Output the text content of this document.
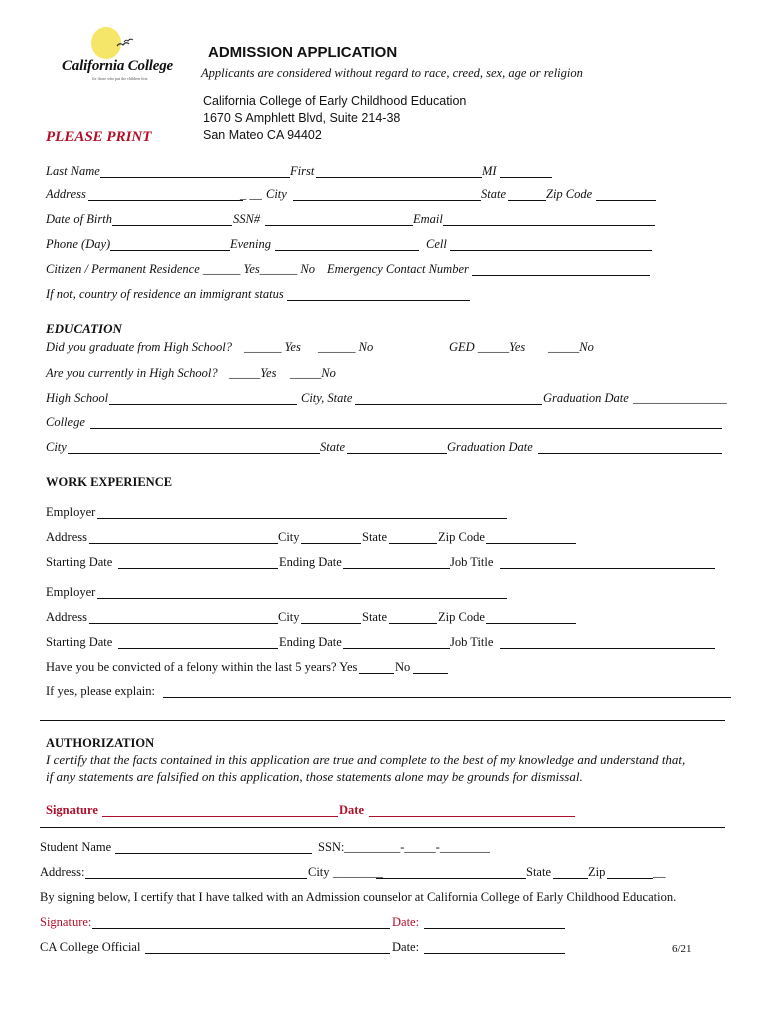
California College
for those who put the children first
ADMISSION APPLICATION
Applicants are considered without regard to race, creed, sex, age or religion
California College of Early Childhood Education
1670 S Amphlett Blvd, Suite 214-38
San Mateo CA 94402
PLEASE PRINT
Last Name	First	MI
Address	_ __ City	State	Zip Code
Date of Birth	SSN#	Email
Phone (Day)	Evening	Cell
Citizen / Permanent Residence ______ Yes______ No Emergency Contact Number
If not, country of residence an immigrant status
EDUCATION
Did you graduate from High School? ______ Yes ______ No	GED _____Yes _____No
Are you currently in High School? _____Yes _____No
High School	City, State	Graduation Date _______________
College
City	State	Graduation Date
WORK EXPERIENCE
Employer
Address	City	State	Zip Code
Starting Date	Ending Date	Job Title
Employer
Address	City	State	Zip Code
Starting Date	Ending Date	Job Title
Have you be convicted of a felony within the last 5 years? Yes	No
If yes, please explain:
AUTHORIZATION
I certify that the facts contained in this application are true and complete to the best of my knowledge and understand that,
if any statements are falsified on this application, those statements alone may be grounds for dismissal.
Signature	Date
Student Name	SSN: _________-_____-________
Address:	City ________	State	Zip	__
By signing below, I certify that I have talked with an Admission counselor at California College of Early Childhood Education.
Signature:	Date:
CA College Official	Date:	6/21
